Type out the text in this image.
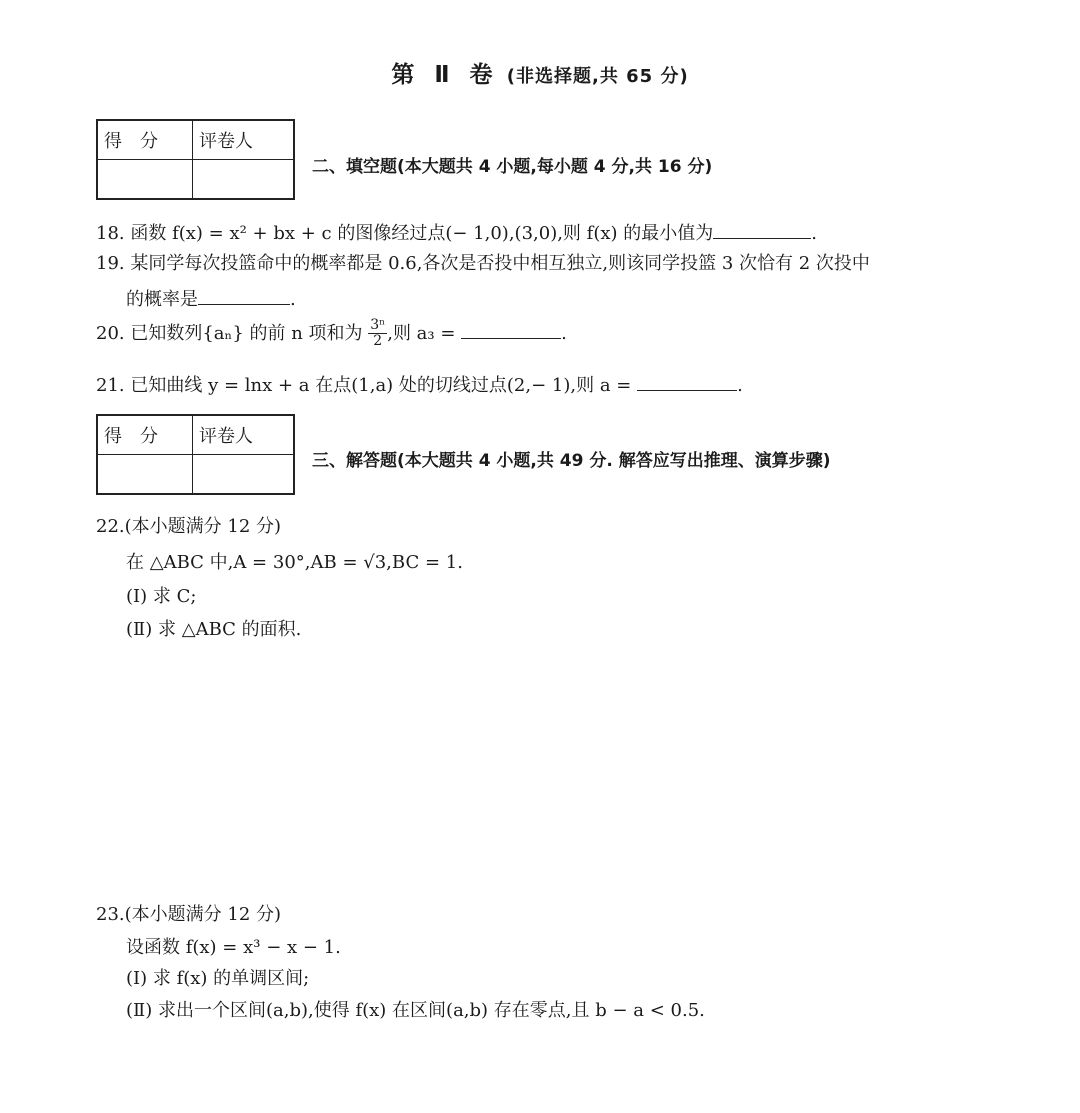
第 Ⅱ 卷 (非选择题,共 65 分)
得　分	评卷人

二、填空题(本大题共 4 小题,每小题 4 分,共 16 分)
18. 函数 f(x) = x² + bx + c 的图像经过点(− 1,0),(3,0),则 f(x) 的最小值为	.
19. 某同学每次投篮命中的概率都是 0.6,各次是否投中相互独立,则该同学投篮 3 次恰有 2 次投中
的概率是	.
20. 已知数列{aₙ} 的前 n 项和为 $\frac{\text{3ⁿ}}{2}$ ,则 a₃ =	.
21. 已知曲线 y = lnx + a 在点(1,a) 处的切线过点(2,− 1),则 a =	.
得　分	评卷人

三、解答题(本大题共 4 小题,共 49 分. 解答应写出推理、演算步骤)
22.(本小题满分 12 分)
在 △ABC 中,A = 30°,AB = √3,BC = 1.
(Ⅰ) 求 C;
(Ⅱ) 求 △ABC 的面积.
23.(本小题满分 12 分)
设函数 f(x) = x³ − x − 1.
(Ⅰ) 求 f(x) 的单调区间;
(Ⅱ) 求出一个区间(a,b),使得 f(x) 在区间(a,b) 存在零点,且 b − a < 0.5.
